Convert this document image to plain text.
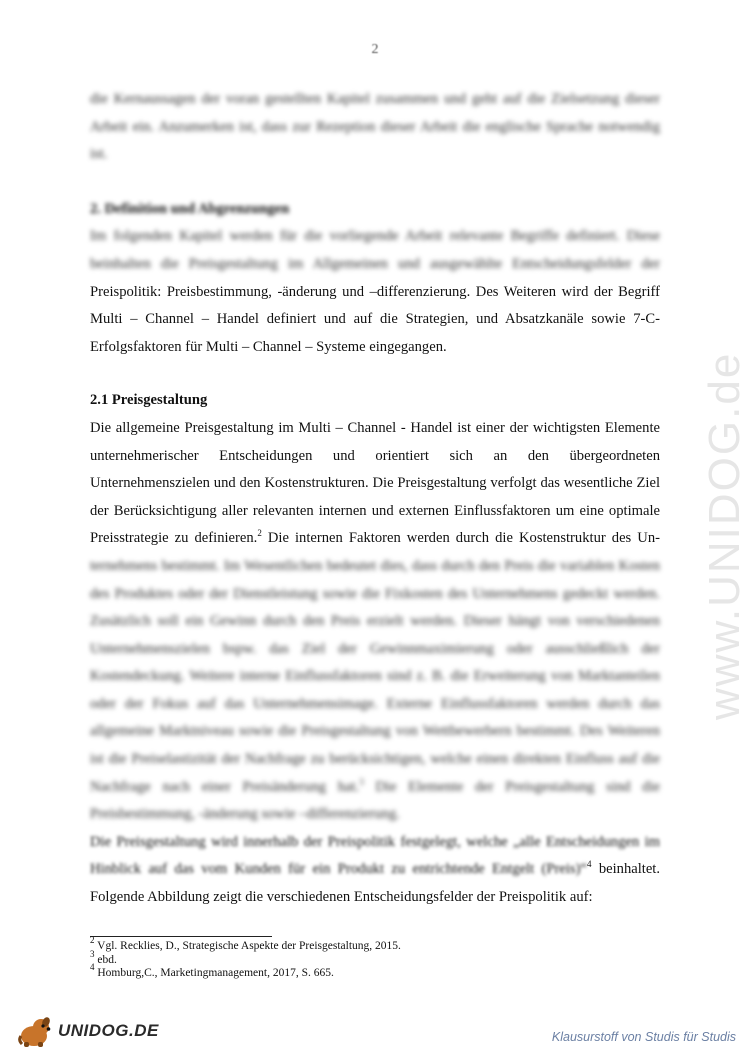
www.UNIDOG.de
2

die Kernaussagen der voran gestellten Kapitel zusammen und geht auf die Zielsetzung dieser Arbeit ein. Anzumerken ist, dass zur Rezeption dieser Arbeit die englische Sprache notwendig ist.

2. Definition und Abgrenzungen

Im folgenden Kapitel werden für die vorliegende Arbeit relevante Begriffe definiert. Diese beinhalten die Preisgestaltung im Allgemeinen und ausgewählte Entscheidungsfelder der Preispolitik: Preisbestimmung, -änderung und –differenzierung. Des Weiteren wird der Begriff Multi – Channel – Handel definiert und auf die Strategien, und Absatzkanäle sowie 7-C-Erfolgsfaktoren für Multi – Channel – Systeme eingegangen.

2.1 Preisgestaltung

Die allgemeine Preisgestaltung im Multi – Channel - Handel ist einer der wichtigsten Elemente unternehmerischer Entscheidungen und orientiert sich an den übergeordneten Unternehmenszielen und den Kostenstrukturen. Die Preisgestaltung verfolgt das wesentliche Ziel der Berücksichtigung aller relevanten internen und externen Einflussfaktoren um eine optimale Preisstrategie zu definieren.$^2$ Die internen Faktoren werden durch die Kostenstruktur des Un- ternehmens bestimmt. Im Wesentlichen bedeutet dies, dass durch den Preis die variablen Kosten des Produktes oder der Dienstleistung sowie die Fixkosten des Unternehmens gedeckt werden. Zusätzlich soll ein Gewinn durch den Preis erzielt werden. Dieser hängt von verschiedenen Unternehmenszielen bspw. das Ziel der Gewinnmaximierung oder ausschließlich der Kostendeckung. Weitere interne Einflussfaktoren sind z. B. die Erweiterung von Marktanteilen oder der Fokus auf das Unternehmensimage. Externe Einflussfaktoren werden durch das allgemeine Marktniveau sowie die Preisgestaltung von Wettbewerbern bestimmt. Des Weiteren ist die Preiselastizität der Nachfrage zu berücksichtigen, welche einen direkten Einfluss auf die Nachfrage nach einer Preisänderung hat.$^3$ Die Elemente der Preisgestaltung sind die Preisbestimmung, -änderung sowie –differenzierung.

Die Preisgestaltung wird innerhalb der Preispolitik festgelegt, welche „alle Entscheidungen im Hinblick auf das vom Kunden für ein Produkt zu entrichtende Entgelt (Preis)“$^4$ beinhaltet. Folgende Abbildung zeigt die verschiedenen Entscheidungsfelder der Preispolitik auf:

$^2$ Vgl. Recklies, D., Strategische Aspekte der Preisgestaltung, 2015.
$^3$ ebd.
$^4$ Homburg,C., Marketingmanagement, 2017, S. 665.
UNIDOG.DE	Klausurstoff von Studis für Studis
